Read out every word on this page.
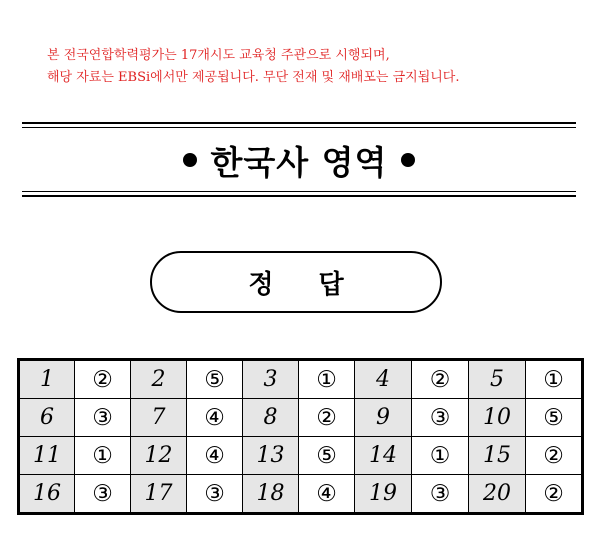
본 전국연합학력평가는 17개시도 교육청 주관으로 시행되며,
해당 자료는 EBSi에서만 제공됩니다. 무단 전재 및 재배포는 금지됩니다.
한국사 영역
정 답
1	②	2	⑤	3	①	4	②	5	①
6	③	7	④	8	②	9	③	10	⑤
11	①	12	④	13	⑤	14	①	15	②
16	③	17	③	18	④	19	③	20	②
